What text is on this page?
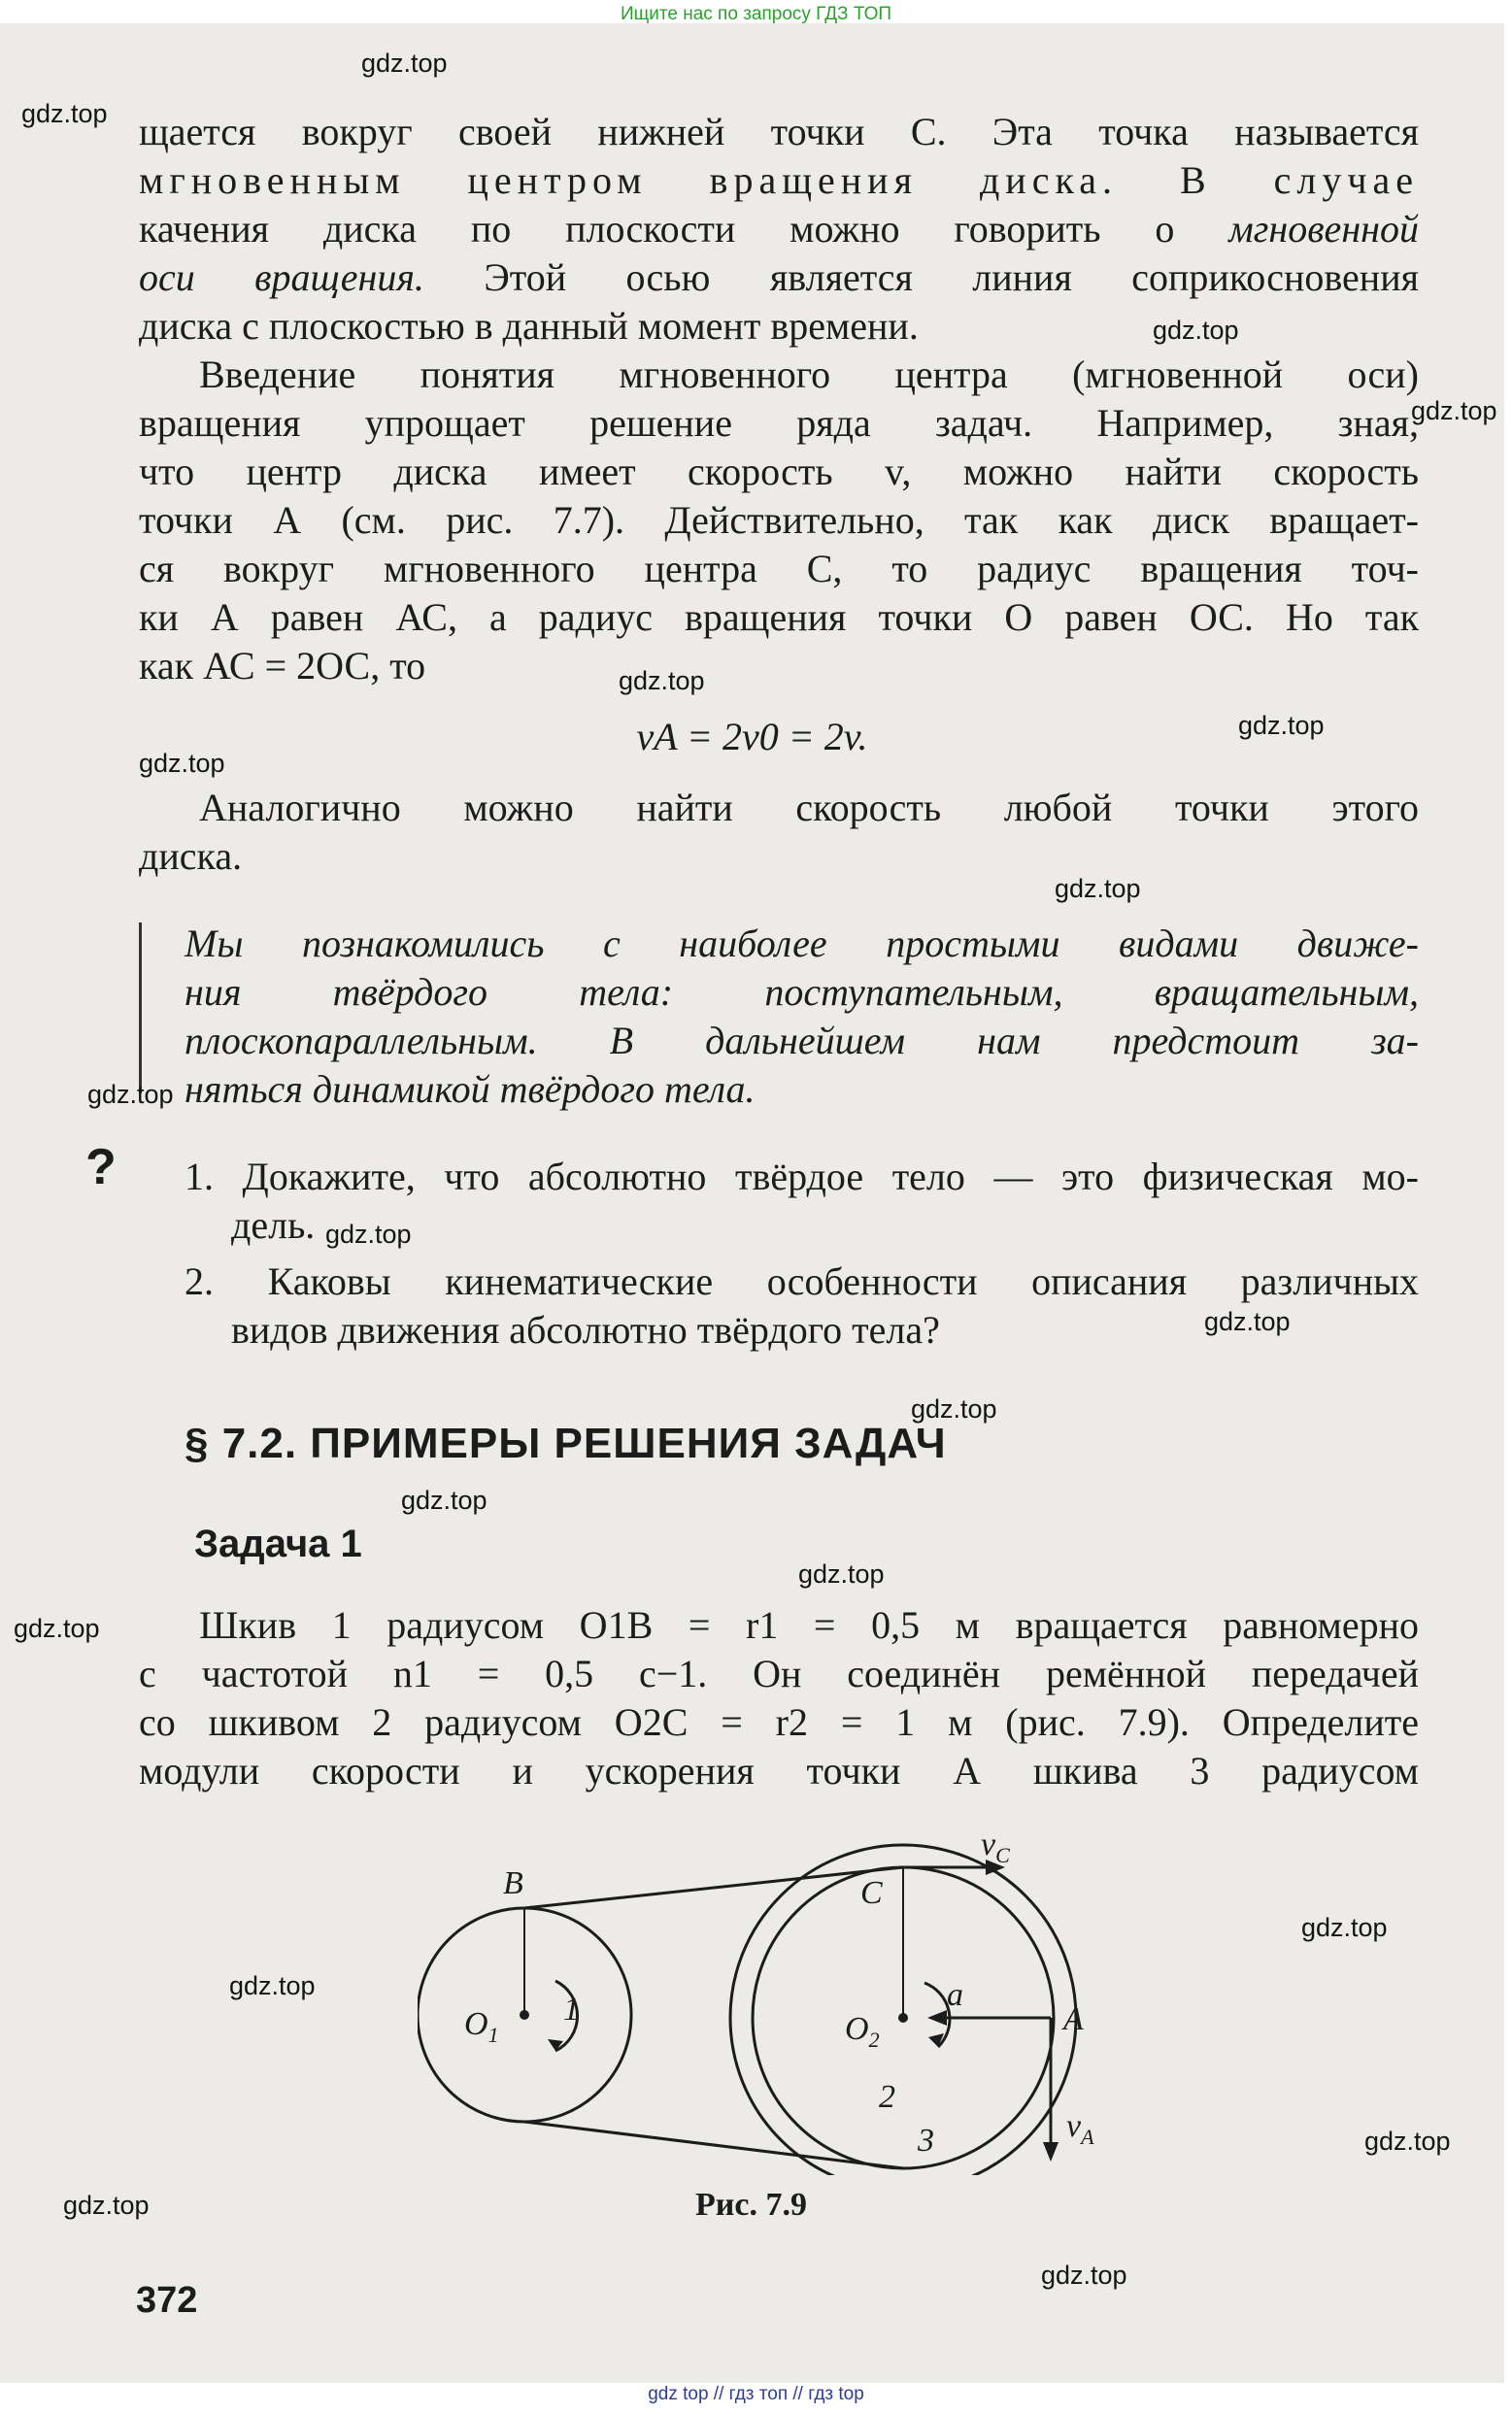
Ищите нас по запросу ГДЗ ТОП
gdz top // гдз топ // гдз top
щается вокруг своей нижней точки С. Эта точка называется
мгновенным центром вращения диска. В случае
качения диска по плоскости можно говорить о мгновенной
оси вращения. Этой осью является линия соприкосновения
диска с плоскостью в данный момент времени.
Введение понятия мгновенного центра (мгновенной оси)
вращения упрощает решение ряда задач. Например, зная,
что центр диска имеет скорость v, можно найти скорость
точки А (см. рис. 7.7). Действительно, так как диск вращает-
ся вокруг мгновенного центра С, то радиус вращения точ-
ки А равен АС, а радиус вращения точки О равен ОС. Но так
как АС = 2ОС, то
vA = 2v0 = 2v.
Аналогично можно найти скорость любой точки этого
диска.
Мы познакомились с наиболее простыми видами движе-
ния твёрдого тела: поступательным, вращательным,
плоскопараллельным. В дальнейшем нам предстоит за-
няться динамикой твёрдого тела.
? 1. Докажите, что абсолютно твёрдое тело — это физическая мо-
дель.
2. Каковы кинематические особенности описания различных
видов движения абсолютно твёрдого тела?
§ 7.2. ПРИМЕРЫ РЕШЕНИЯ ЗАДАЧ
Задача 1
Шкив 1 радиусом O1B = r1 = 0,5 м вращается равномерно
с частотой n1 = 0,5 с−1. Он соединён ремённой передачей
со шкивом 2 радиусом O2C = r2 = 1 м (рис. 7.9). Определите
модули скорости и ускорения точки А шкива 3 радиусом
B
$O_1$
1
C
$O_2$
2
3
A
a
$v_C$
$v_A$
Рис. 7.9
372
gdz.top
gdz.top
gdz.top
gdz.top
gdz.top
gdz.top
gdz.top
gdz.top
gdz.top
gdz.top
gdz.top
gdz.top
gdz.top
gdz.top
gdz.top
gdz.top
gdz.top
gdz.top
gdz.top
gdz.top
